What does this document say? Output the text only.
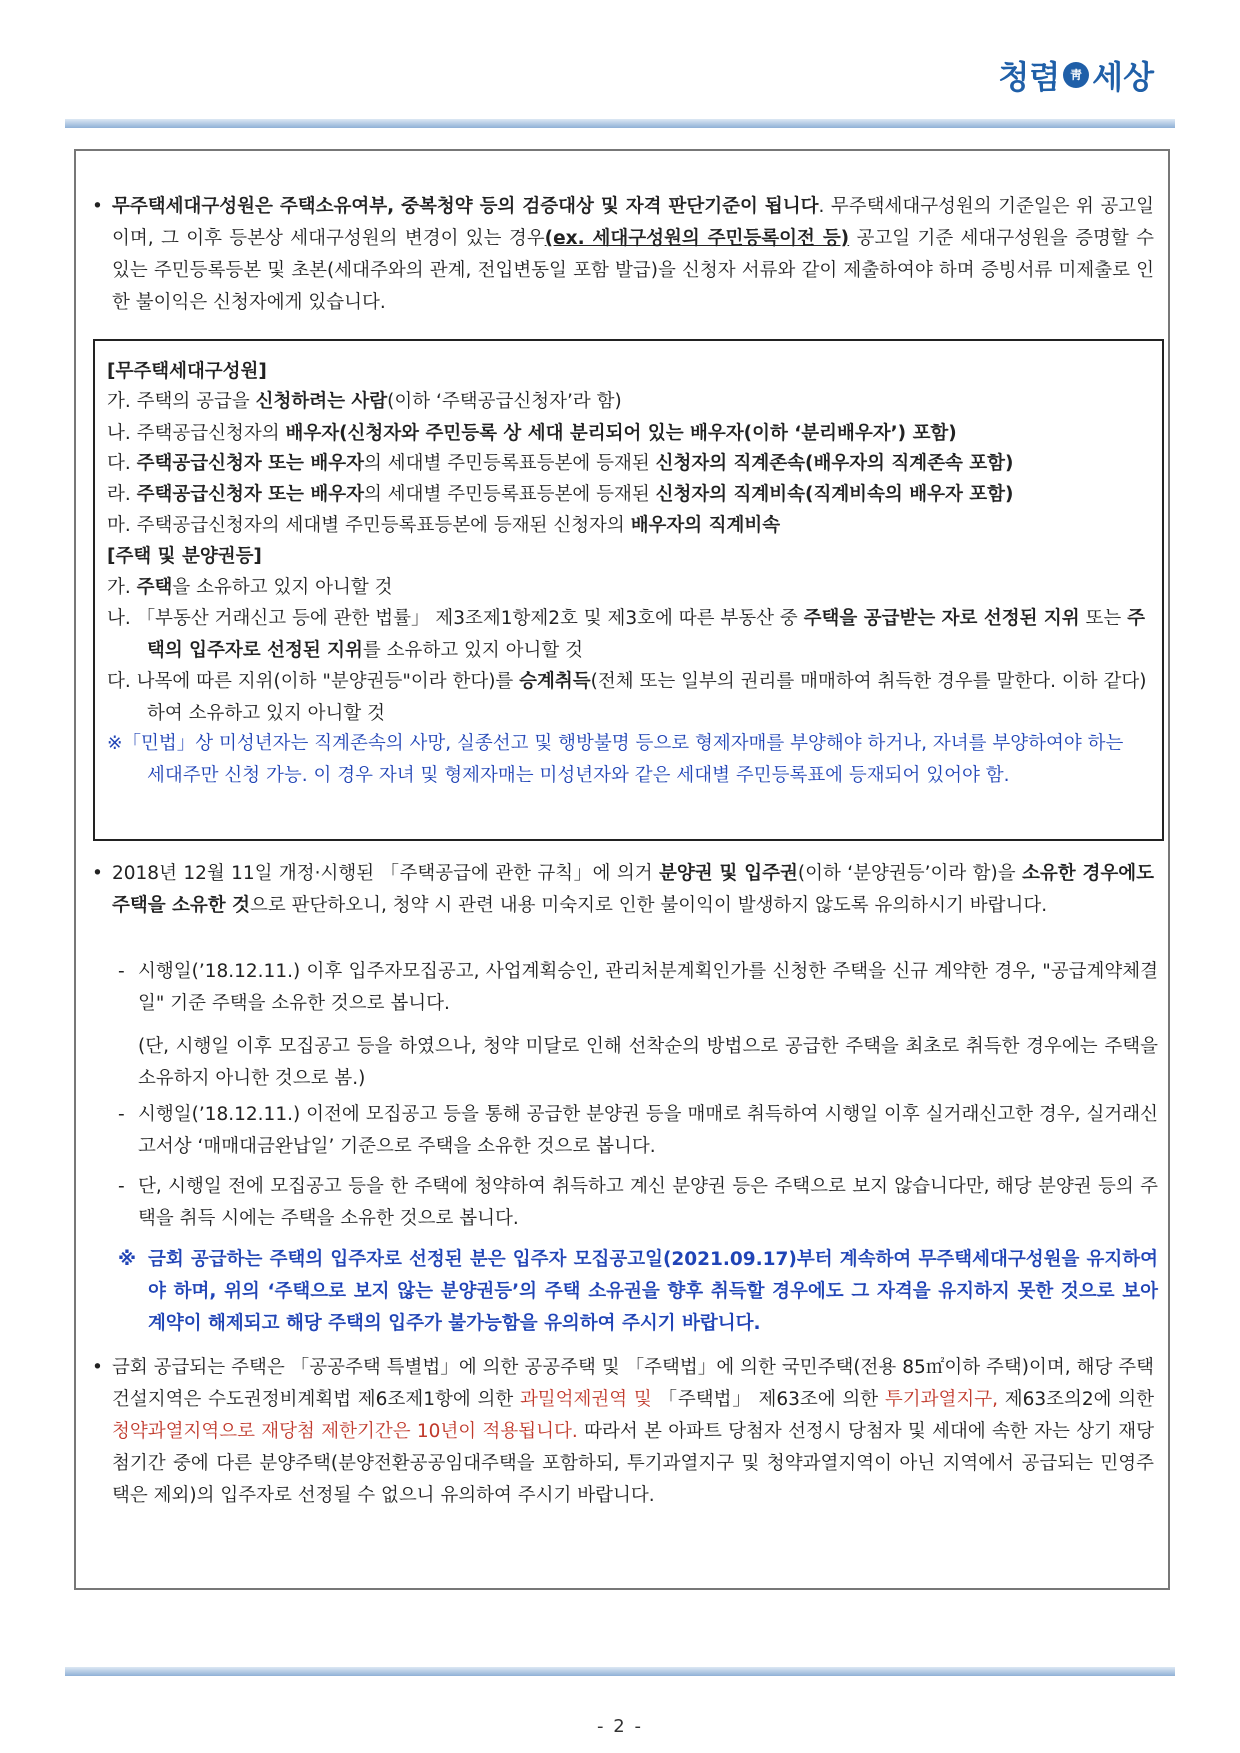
청렴 靑 세상
• 무주택세대구성원은 주택소유여부, 중복청약 등의 검증대상 및 자격 판단기준이 됩니다. 무주택세대구성원의 기준일은 위 공고일이며, 그 이후 등본상 세대구성원의 변경이 있는 경우(ex. 세대구성원의 주민등록이전 등) 공고일 기준 세대구성원을 증명할 수 있는 주민등록등본 및 초본(세대주와의 관계, 전입변동일 포함 발급)을 신청자 서류와 같이 제출하여야 하며 증빙서류 미제출로 인한 불이익은 신청자에게 있습니다.
[무주택세대구성원]
가. 주택의 공급을 신청하려는 사람(이하 ‘주택공급신청자’라 함)
나. 주택공급신청자의 배우자(신청자와 주민등록 상 세대 분리되어 있는 배우자(이하 ‘분리배우자’) 포함)
다. 주택공급신청자 또는 배우자의 세대별 주민등록표등본에 등재된 신청자의 직계존속(배우자의 직계존속 포함)
라. 주택공급신청자 또는 배우자의 세대별 주민등록표등본에 등재된 신청자의 직계비속(직계비속의 배우자 포함)
마. 주택공급신청자의 세대별 주민등록표등본에 등재된 신청자의 배우자의 직계비속
[주택 및 분양권등]
가. 주택을 소유하고 있지 아니할 것
나. 「부동산 거래신고 등에 관한 법률」 제3조제1항제2호 및 제3호에 따른 부동산 중 주택을 공급받는 자로 선정된 지위 또는 주택의 입주자로 선정된 지위를 소유하고 있지 아니할 것
다. 나목에 따른 지위(이하 "분양권등"이라 한다)를 승계취득(전체 또는 일부의 권리를 매매하여 취득한 경우를 말한다. 이하 같다)하여 소유하고 있지 아니할 것
※「민법」상 미성년자는 직계존속의 사망, 실종선고 및 행방불명 등으로 형제자매를 부양해야 하거나, 자녀를 부양하여야 하는 세대주만 신청 가능. 이 경우 자녀 및 형제자매는 미성년자와 같은 세대별 주민등록표에 등재되어 있어야 함.
• 2018년 12월 11일 개정·시행된 「주택공급에 관한 규칙」에 의거 분양권 및 입주권(이하 ‘분양권등’이라 함)을 소유한 경우에도 주택을 소유한 것으로 판단하오니, 청약 시 관련 내용 미숙지로 인한 불이익이 발생하지 않도록 유의하시기 바랍니다.
- 시행일(’18.12.11.) 이후 입주자모집공고, 사업계획승인, 관리처분계획인가를 신청한 주택을 신규 계약한 경우, "공급계약체결일" 기준 주택을 소유한 것으로 봅니다.
(단, 시행일 이후 모집공고 등을 하였으나, 청약 미달로 인해 선착순의 방법으로 공급한 주택을 최초로 취득한 경우에는 주택을 소유하지 아니한 것으로 봄.)
- 시행일(’18.12.11.) 이전에 모집공고 등을 통해 공급한 분양권 등을 매매로 취득하여 시행일 이후 실거래신고한 경우, 실거래신고서상 ‘매매대금완납일’ 기준으로 주택을 소유한 것으로 봅니다.
- 단, 시행일 전에 모집공고 등을 한 주택에 청약하여 취득하고 계신 분양권 등은 주택으로 보지 않습니다만, 해당 분양권 등의 주택을 취득 시에는 주택을 소유한 것으로 봅니다.
※ 금회 공급하는 주택의 입주자로 선정된 분은 입주자 모집공고일(2021.09.17)부터 계속하여 무주택세대구성원을 유지하여야 하며, 위의 ‘주택으로 보지 않는 분양권등’의 주택 소유권을 향후 취득할 경우에도 그 자격을 유지하지 못한 것으로 보아 계약이 해제되고 해당 주택의 입주가 불가능함을 유의하여 주시기 바랍니다.
• 금회 공급되는 주택은 「공공주택 특별법」에 의한 공공주택 및 「주택법」에 의한 국민주택(전용 85㎡이하 주택)이며, 해당 주택건설지역은 수도권정비계획법 제6조제1항에 의한 과밀억제권역 및 「주택법」 제63조에 의한 투기과열지구, 제63조의2에 의한 청약과열지역으로 재당첨 제한기간은 10년이 적용됩니다. 따라서 본 아파트 당첨자 선정시 당첨자 및 세대에 속한 자는 상기 재당첨기간 중에 다른 분양주택(분양전환공공임대주택을 포함하되, 투기과열지구 및 청약과열지역이 아닌 지역에서 공급되는 민영주택은 제외)의 입주자로 선정될 수 없으니 유의하여 주시기 바랍니다.
- 2 -
